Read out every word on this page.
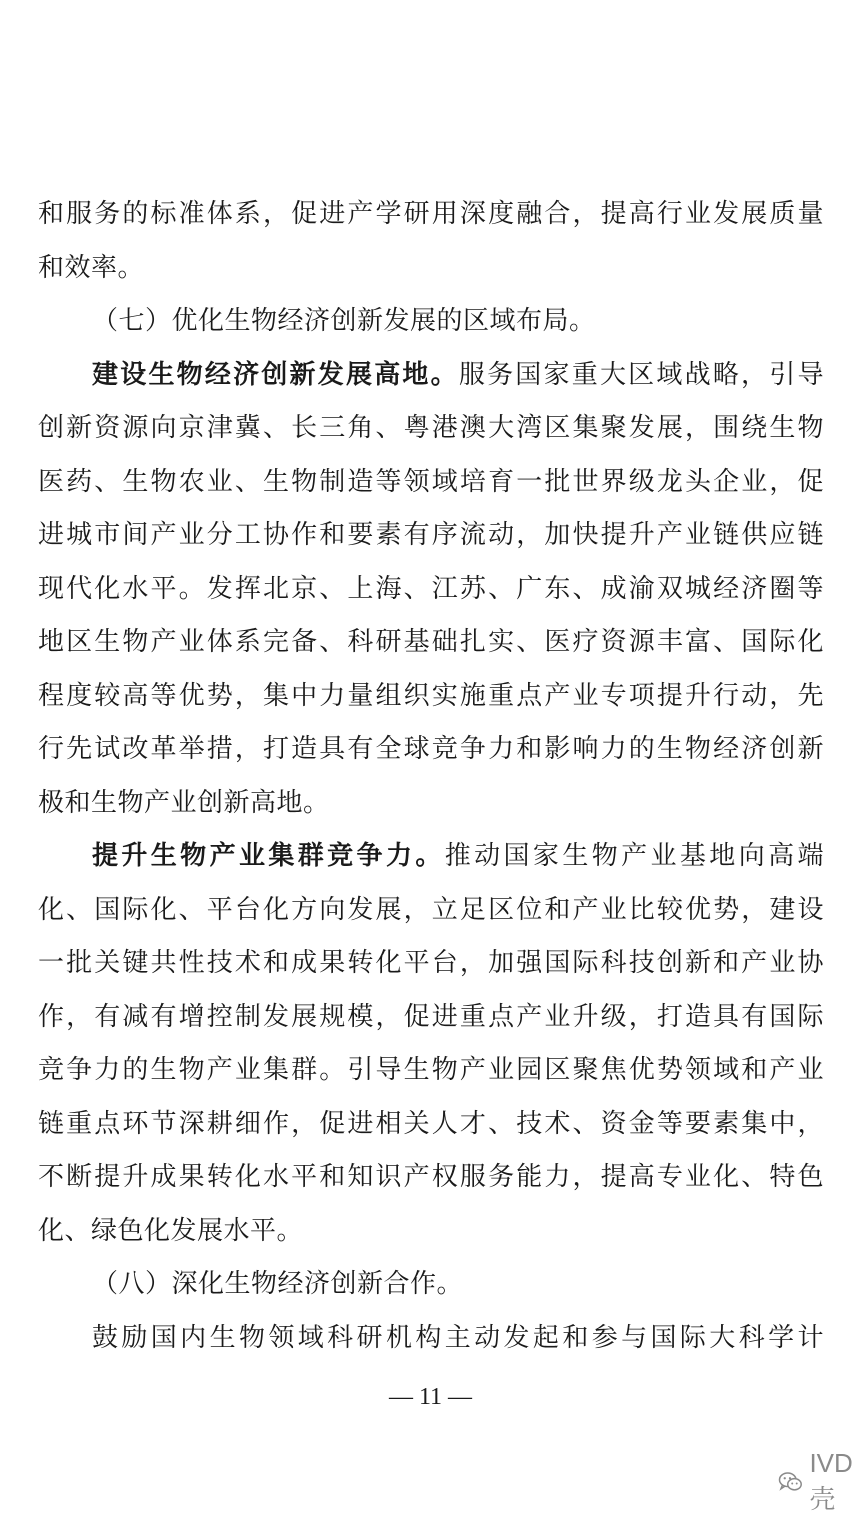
和服务的标准体系，促进产学研用深度融合，提高行业发展质量
和效率。
（七）优化生物经济创新发展的区域布局。
建设生物经济创新发展高地。服务国家重大区域战略，引导
创新资源向京津冀、长三角、粤港澳大湾区集聚发展，围绕生物
医药、生物农业、生物制造等领域培育一批世界级龙头企业，促
进城市间产业分工协作和要素有序流动，加快提升产业链供应链
现代化水平。发挥北京、上海、江苏、广东、成渝双城经济圈等
地区生物产业体系完备、科研基础扎实、医疗资源丰富、国际化
程度较高等优势，集中力量组织实施重点产业专项提升行动，先
行先试改革举措，打造具有全球竞争力和影响力的生物经济创新
极和生物产业创新高地。
提升生物产业集群竞争力。推动国家生物产业基地向高端
化、国际化、平台化方向发展，立足区位和产业比较优势，建设
一批关键共性技术和成果转化平台，加强国际科技创新和产业协
作，有减有增控制发展规模，促进重点产业升级，打造具有国际
竞争力的生物产业集群。引导生物产业园区聚焦优势领域和产业
链重点环节深耕细作，促进相关人才、技术、资金等要素集中，
不断提升成果转化水平和知识产权服务能力，提高专业化、特色
化、绿色化发展水平。
（八）深化生物经济创新合作。
鼓励国内生物领域科研机构主动发起和参与国际大科学计
— 11 —
IVD壳
